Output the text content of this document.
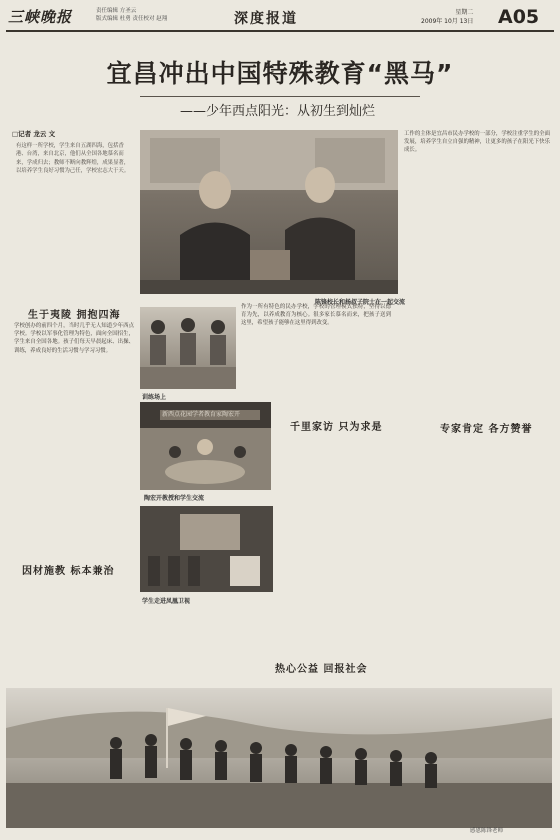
三峡晚报	责任编辑 方圣云
版式编辑 杜勇 责任校对 赵翔	深度报道	星期二
2009年 10月 13日 A05
宜昌冲出中国特殊教育“黑马”
——少年西点阳光：从初生到灿烂
□记者 龙云 文
有这样一所学校，学生来自五湖四海，包括香港、台湾，来自北京，他们从全国各地慕名而来，学成归去；教师不断向教辉煌，成果显著，以培养学生良好习惯为己任，学校宏志大于天。
陈锋校长和杨叔子院士在一起交流
生于夷陵 拥抱四海
学校创办的前四个月，当时几乎无人知道少年西点学校。学校以军事化管理为特色，面向全国招生，学生来自全国各地。孩子们每天早晨起床、出操、训练，养成良好的生活习惯与学习习惯。
训练场上
作为一所有特色的民办学校，学校的管理模式独特，坚持以德育为先，以养成教育为核心。很多家长慕名而来，把孩子送到这里，希望孩子能够在这里得到改变。
新西点花园学者教育家陶宏开
陶宏开教授和学生交流
工作的主体是宜昌市民办学校的一部分，学校注重学生的全面发展，培养学生自立自强的精神，让更多的孩子在阳光下快乐成长。
千里家访 只为求是	专家肯定 各方赞誉
因材施教 标本兼治
学生走进凤凰卫视
热心公益 回报社会
感恩陈锋老师
